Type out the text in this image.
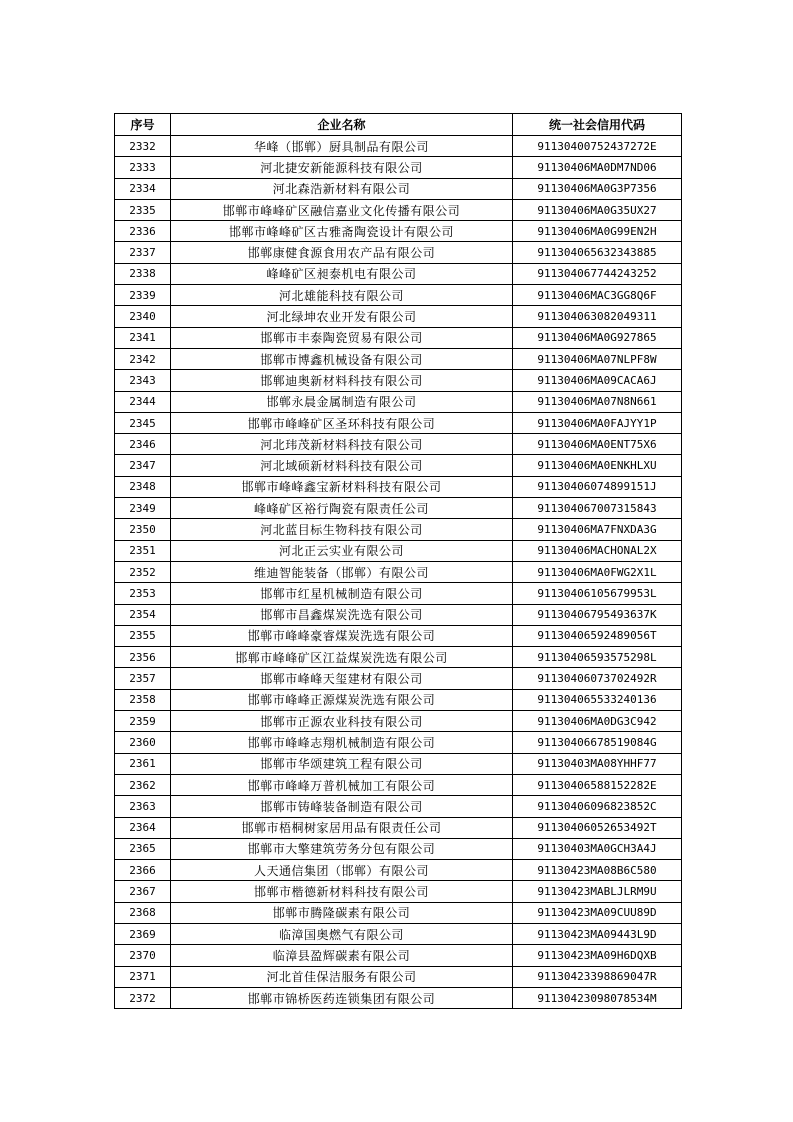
序号	企业名称	统一社会信用代码
2332	华峰（邯郸）厨具制品有限公司	91130400752437272E
2333	河北捷安新能源科技有限公司	91130406MA0DM7ND06
2334	河北森浩新材料有限公司	91130406MA0G3P7356
2335	邯郸市峰峰矿区融信嘉业文化传播有限公司	91130406MA0G35UX27
2336	邯郸市峰峰矿区古雅斋陶瓷设计有限公司	91130406MA0G99EN2H
2337	邯郸康健食源食用农产品有限公司	911304065632343885
2338	峰峰矿区昶泰机电有限公司	911304067744243252
2339	河北雄能科技有限公司	91130406MAC3GG8Q6F
2340	河北绿坤农业开发有限公司	911304063082049311
2341	邯郸市丰泰陶瓷贸易有限公司	91130406MA0G927865
2342	邯郸市博鑫机械设备有限公司	91130406MA07NLPF8W
2343	邯郸迪奥新材料科技有限公司	91130406MA09CACA6J
2344	邯郸永晨金属制造有限公司	91130406MA07N8N661
2345	邯郸市峰峰矿区圣环科技有限公司	91130406MA0FAJYY1P
2346	河北玮茂新材料科技有限公司	91130406MA0ENT75X6
2347	河北域硕新材料科技有限公司	91130406MA0ENKHLXU
2348	邯郸市峰峰鑫宝新材料科技有限公司	91130406074899151J
2349	峰峰矿区裕行陶瓷有限责任公司	911304067007315843
2350	河北蓝目标生物科技有限公司	91130406MA7FNXDA3G
2351	河北正云实业有限公司	91130406MACHONAL2X
2352	维迪智能装备（邯郸）有限公司	91130406MA0FWG2X1L
2353	邯郸市红星机械制造有限公司	91130406105679953L
2354	邯郸市昌鑫煤炭洗选有限公司	91130406795493637K
2355	邯郸市峰峰豪睿煤炭洗选有限公司	91130406592489056T
2356	邯郸市峰峰矿区江益煤炭洗选有限公司	91130406593575298L
2357	邯郸市峰峰天玺建材有限公司	91130406073702492R
2358	邯郸市峰峰正源煤炭洗选有限公司	911304065533240136
2359	邯郸市正源农业科技有限公司	91130406MA0DG3C942
2360	邯郸市峰峰志翔机械制造有限公司	91130406678519084G
2361	邯郸市华颂建筑工程有限公司	91130403MA08YHHF77
2362	邯郸市峰峰万普机械加工有限公司	91130406588152282E
2363	邯郸市铸峰装备制造有限公司	91130406096823852C
2364	邯郸市梧桐树家居用品有限责任公司	91130406052653492T
2365	邯郸市大擎建筑劳务分包有限公司	91130403MA0GCH3A4J
2366	人天通信集团（邯郸）有限公司	91130423MA08B6C580
2367	邯郸市楷德新材料科技有限公司	91130423MABLJLRM9U
2368	邯郸市腾隆碳素有限公司	91130423MA09CUU89D
2369	临漳国奥燃气有限公司	91130423MA09443L9D
2370	临漳县盈辉碳素有限公司	91130423MA09H6DQXB
2371	河北首佳保洁服务有限公司	91130423398869047R
2372	邯郸市锦桥医药连锁集团有限公司	91130423098078534M
